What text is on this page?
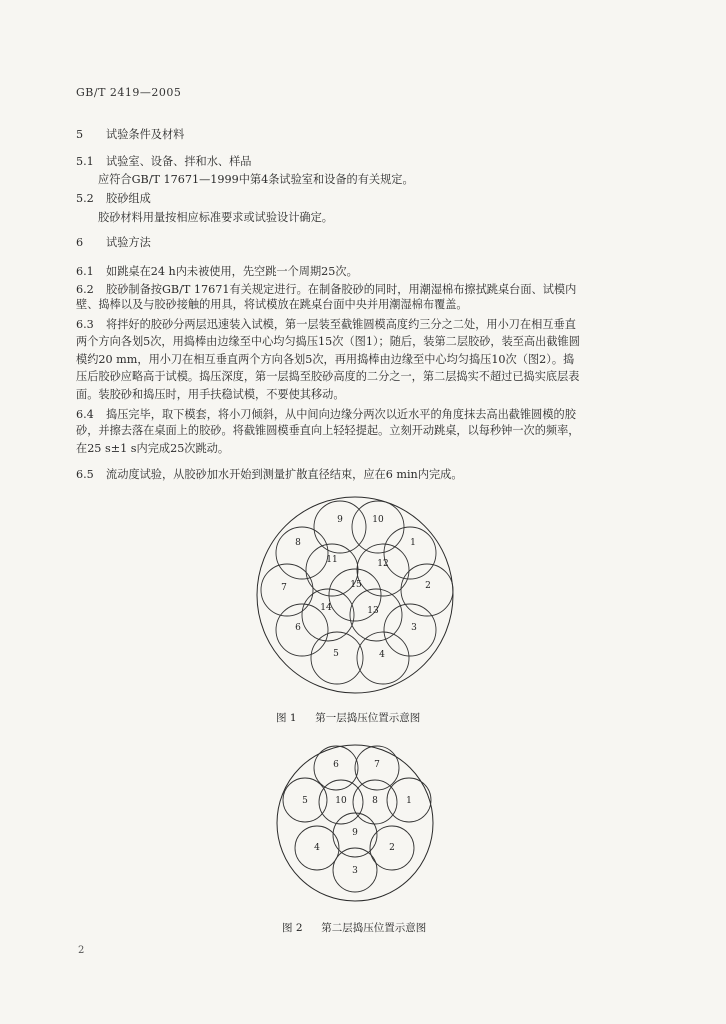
GB/T 2419—2005
5 试验条件及材料
5.1 试验室、设备、拌和水、样品
应符合GB/T 17671—1999中第4条试验室和设备的有关规定。
5.2 胶砂组成
胶砂材料用量按相应标准要求或试验设计确定。
6 试验方法
6.1 如跳桌在24 h内未被使用，先空跳一个周期25次。
6.2 胶砂制备按GB/T 17671有关规定进行。在制备胶砂的同时，用潮湿棉布擦拭跳桌台面、试模内
壁、捣棒以及与胶砂接触的用具，将试模放在跳桌台面中央并用潮湿棉布覆盖。
6.3 将拌好的胶砂分两层迅速装入试模，第一层装至截锥圆模高度约三分之二处，用小刀在相互垂直
两个方向各划5次，用捣棒由边缘至中心均匀捣压15次（图1）；随后，装第二层胶砂，装至高出截锥圆
模约20 mm，用小刀在相互垂直两个方向各划5次，再用捣棒由边缘至中心均匀捣压10次（图2）。捣
压后胶砂应略高于试模。捣压深度，第一层捣至胶砂高度的二分之一，第二层捣实不超过已捣实底层表
面。装胶砂和捣压时，用手扶稳试模，不要使其移动。
6.4 捣压完毕，取下模套，将小刀倾斜，从中间向边缘分两次以近水平的角度抹去高出截锥圆模的胶
砂，并擦去落在桌面上的胶砂。将截锥圆模垂直向上轻轻提起。立刻开动跳桌，以每秒钟一次的频率，
在25 s±1 s内完成25次跳动。
6.5 流动度试验，从胶砂加水开始到测量扩散直径结束，应在6 min内完成。
9	10
8
11	12
1
7	15	2
14	13
6	3
5	4
图 1 第一层捣压位置示意图
6	7
5	10	8	1
9
4	2
3
图 2 第二层捣压位置示意图
2
